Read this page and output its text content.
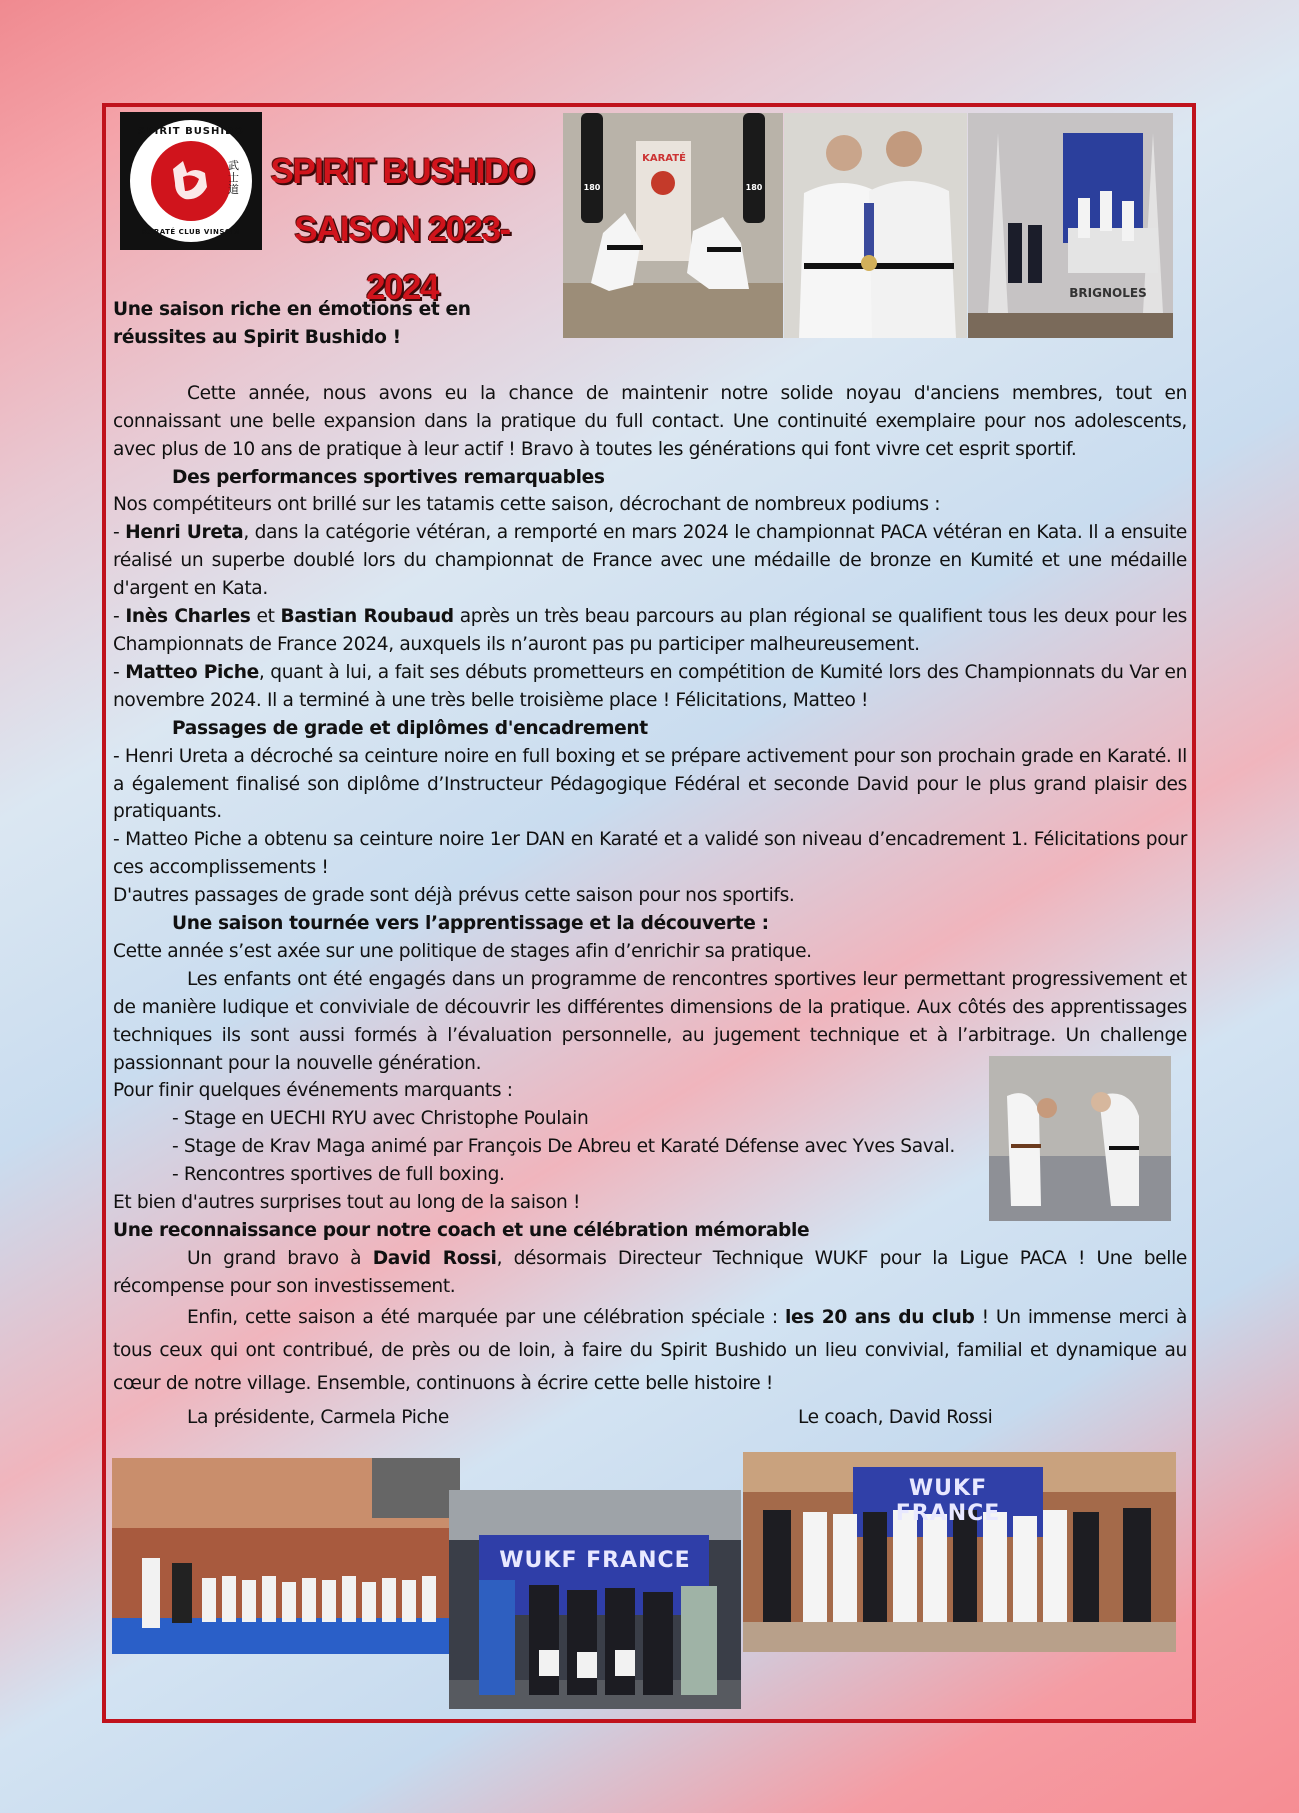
SPIRIT BUSHIDO
武士道
KARATÉ CLUB VINSOIS
SPIRIT BUSHIDO
SAISON 2023-2024
KARATÉ
180	180
BRIGNOLES

Une saison riche en émotions et en réussites au Spirit Bushido !

Cette année, nous avons eu la chance de maintenir notre solide noyau d'anciens membres, tout en connaissant une belle expansion dans la pratique du full contact. Une continuité exemplaire pour nos adolescents, avec plus de 10 ans de pratique à leur actif ! Bravo à toutes les générations qui font vivre cet esprit sportif.

Des performances sportives remarquables

Nos compétiteurs ont brillé sur les tatamis cette saison, décrochant de nombreux podiums :

- Henri Ureta, dans la catégorie vétéran, a remporté en mars 2024 le championnat PACA vétéran en Kata. Il a ensuite réalisé un superbe doublé lors du championnat de France avec une médaille de bronze en Kumité et une médaille d'argent en Kata.

- Inès Charles et Bastian Roubaud après un très beau parcours au plan régional se qualifient tous les deux pour les Championnats de France 2024, auxquels ils n’auront pas pu participer malheureusement.

- Matteo Piche, quant à lui, a fait ses débuts prometteurs en compétition de Kumité lors des Championnats du Var en novembre 2024. Il a terminé à une très belle troisième place ! Félicitations, Matteo !

Passages de grade et diplômes d'encadrement

- Henri Ureta a décroché sa ceinture noire en full boxing et se prépare activement pour son prochain grade en Karaté. Il a également finalisé son diplôme d’Instructeur Pédagogique Fédéral et seconde David pour le plus grand plaisir des pratiquants.

- Matteo Piche a obtenu sa ceinture noire 1er DAN en Karaté et a validé son niveau d’encadrement 1. Félicitations pour ces accomplissements !

D'autres passages de grade sont déjà prévus cette saison pour nos sportifs.

Une saison tournée vers l’apprentissage et la découverte :

Cette année s’est axée sur une politique de stages afin d’enrichir sa pratique.

Les enfants ont été engagés dans un programme de rencontres sportives leur permettant progressivement et de manière ludique et conviviale de découvrir les différentes dimensions de la pratique. Aux côtés des apprentissages techniques ils sont aussi formés à l’évaluation personnelle, au jugement technique et à l’arbitrage. Un challenge passionnant pour la nouvelle génération.

Pour finir quelques événements marquants :

- Stage en UECHI RYU avec Christophe Poulain

- Stage de Krav Maga animé par François De Abreu et Karaté Défense avec Yves Saval.

- Rencontres sportives de full boxing.

Et bien d'autres surprises tout au long de la saison !

Une reconnaissance pour notre coach et une célébration mémorable

Un grand bravo à David Rossi, désormais Directeur Technique WUKF pour la Ligue PACA ! Une belle récompense pour son investissement.

Enfin, cette saison a été marquée par une célébration spéciale : les 20 ans du club ! Un immense merci à tous ceux qui ont contribué, de près ou de loin, à faire du Spirit Bushido un lieu convivial, familial et dynamique au cœur de notre village. Ensemble, continuons à écrire cette belle histoire !

La présidente, Carmela Piche	Le coach, David Rossi
WUKF FRANCE
WUKF FRANCE
